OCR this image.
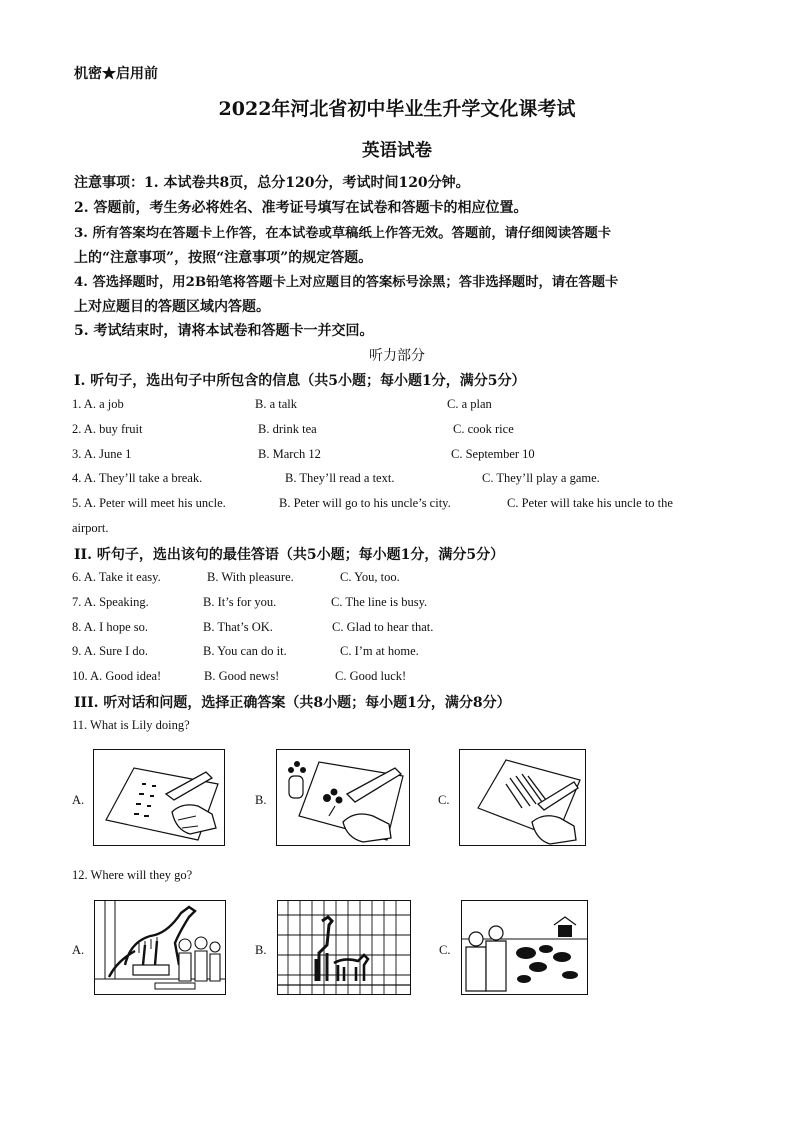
机密★启用前
2022年河北省初中毕业生升学文化课考试
英语试卷
注意事项：1. 本试卷共8页，总分120分，考试时间120分钟。
2. 答题前，考生务必将姓名、准考证号填写在试卷和答题卡的相应位置。
3. 所有答案均在答题卡上作答，在本试卷或草稿纸上作答无效。答题前，请仔细阅读答题卡
上的“注意事项”，按照“注意事项”的规定答题。
4. 答选择题时，用2B铅笔将答题卡上对应题目的答案标号涂黑；答非选择题时，请在答题卡
上对应题目的答题区域内答题。
5. 考试结束时，请将本试卷和答题卡一并交回。
听力部分
Ⅰ. 听句子，选出句子中所包含的信息（共5小题；每小题1分，满分5分）
1. A. a job	B. a talk	C. a plan
2. A. buy fruit	B. drink tea	C. cook rice
3. A. June 1	B. March 12	C. September 10
4. A. They’ll take a break.	B. They’ll read a text.	C. They’ll play a game.
5. A. Peter will meet his uncle.	B. Peter will go to his uncle’s city.	C. Peter will take his uncle to the
airport.
II. 听句子，选出该句的最佳答语（共5小题；每小题1分，满分5分）
6. A. Take it easy.	B. With pleasure.	C. You, too.
7. A. Speaking.	B. It’s for you.	C. The line is busy.
8. A. I hope so.	B. That’s OK.	C. Glad to hear that.
9. A. Sure I do.	B. You can do it.	C. I’m at home.
10. A. Good idea!	B. Good news!	C. Good luck!
III. 听对话和问题，选择正确答案（共8小题；每小题1分，满分8分）
11. What is Lily doing?
A.	B.	C.
12. Where will they go?
A.	B.	C.
